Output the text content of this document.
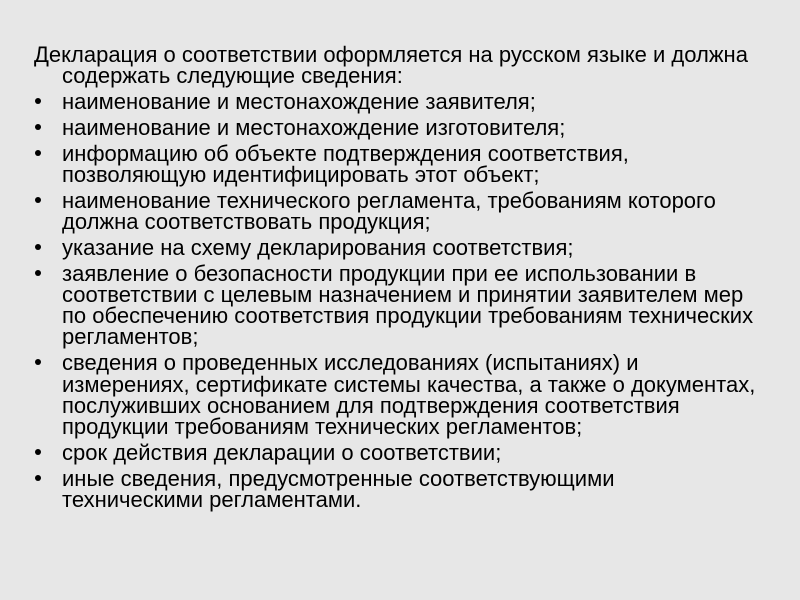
Декларация о соответствии оформляется на русском языке и должна
содержать следующие сведения:

наименование и местонахождение заявителя;
наименование и местонахождение изготовителя;
информацию об объекте подтверждения соответствия,
позволяющую идентифицировать этот объект;
наименование технического регламента, требованиям которого
должна соответствовать продукция;
указание на схему декларирования соответствия;
заявление о безопасности продукции при ее использовании в
соответствии с целевым назначением и принятии заявителем мер
по обеспечению соответствия продукции требованиям технических
регламентов;
сведения о проведенных исследованиях (испытаниях) и
измерениях, сертификате системы качества, а также о документах,
послуживших основанием для подтверждения соответствия
продукции требованиям технических регламентов;
срок действия декларации о соответствии;
иные сведения, предусмотренные соответствующими
техническими регламентами.
